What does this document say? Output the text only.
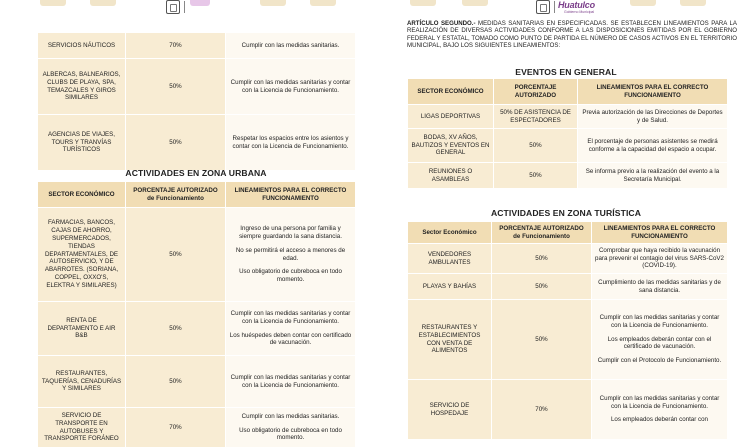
SERVICIOS NÁUTICOS	70%	Cumplir con las medidas sanitarias.

ALBERCAS, BALNEARIOS, CLUBS DE PLAYA, SPA, TEMAZCALES Y GIROS SIMILARES	50%	Cumplir con las medidas sanitarias y contar con la Licencia de Funcionamiento.

AGENCIAS DE VIAJES, TOURS Y TRANVÍAS TURÍSTICOS	50%	Respetar los espacios entre los asientos y contar con la Licencia de Funcionamiento.
ACTIVIDADES EN ZONA URBANA
SECTOR ECONÓMICO	PORCENTAJE AUTORIZADO de Funcionamiento	LINEAMIENTOS PARA EL CORRECTO FUNCIONAMIENTO
FARMACIAS, BANCOS, CAJAS DE AHORRO, SUPERMERCADOS, TIENDAS DEPARTAMENTALES, DE AUTOSERVICIO, Y DE ABARROTES. (SORIANA, COPPEL, OXXO'S, ELEKTRA Y SIMILARES)	50%	Ingreso de una persona por familia y siempre guardando la sana distancia.
No se permitirá el acceso a menores de edad.
Uso obligatorio de cubreboca en todo momento.

RENTA DE DEPARTAMENTO E AIR B&B	50%	Cumplir con las medidas sanitarias y contar con la Licencia de Funcionamiento.
Los huéspedes deben contar con certificado de vacunación.

RESTAURANTES, TAQUERÍAS, CENADURÍAS Y SIMILARES	50%	Cumplir con las medidas sanitarias y contar con la Licencia de Funcionamiento.

SERVICIO DE TRANSPORTE EN AUTOBUSES Y TRANSPORTE FORÁNEO	70%	Cumplir con las medidas sanitarias.
Uso obligatorio de cubreboca en todo momento.
Huatulco
Gobierno Municipal
ARTÍCULO SEGUNDO.- MEDIDAS SANITARIAS EN ESPECIFICADAS. SE ESTABLECEN LINEAMIENTOS PARA LA REALIZACIÓN DE DIVERSAS ACTIVIDADES CONFORME A LAS DISPOSICIONES EMITIDAS POR EL GOBIERNO FEDERAL Y ESTATAL, TOMADO COMO PUNTO DE PARTIDA EL NÚMERO DE CASOS ACTIVOS EN EL TERRITORIO MUNICIPAL, BAJO LOS SIGUIENTES LINEAMIENTOS:
EVENTOS EN GENERAL
SECTOR ECONÓMICO	PORCENTAJE AUTORIZADO	LINEAMIENTOS PARA EL CORRECTO FUNCIONAMIENTO
LIGAS DEPORTIVAS	50% DE ASISTENCIA DE ESPECTADORES	Previa autorización de las Direcciones de Deportes y de Salud.

BODAS, XV AÑOS, BAUTIZOS Y EVENTOS EN GENERAL	50%	El porcentaje de personas asistentes se medirá conforme a la capacidad del espacio a ocupar.

REUNIONES O ASAMBLEAS	50%	Se informa previo a la realización del evento a la Secretaría Municipal.
ACTIVIDADES EN ZONA TURÍSTICA
Sector Económico	PORCENTAJE AUTORIZADO de Funcionamiento	LINEAMIENTOS PARA EL CORRECTO FUNCIONAMIENTO
VENDEDORES AMBULANTES	50%	Comprobar que haya recibido la vacunación para prevenir el contagio del virus SARS-CoV2 (COVID-19).

PLAYAS Y BAHÍAS	50%	Cumplimiento de las medidas sanitarias y de sana distancia.

RESTAURANTES Y ESTABLECIMIENTOS CON VENTA DE ALIMENTOS	50%	Cumplir con las medidas sanitarias y contar con la Licencia de Funcionamiento.
Los empleados deberán contar con el certificado de vacunación.
Cumplir con el Protocolo de Funcionamiento.

SERVICIO DE HOSPEDAJE	70%	Cumplir con las medidas sanitarias y contar con la Licencia de Funcionamiento.
Los empleados deberán contar con
